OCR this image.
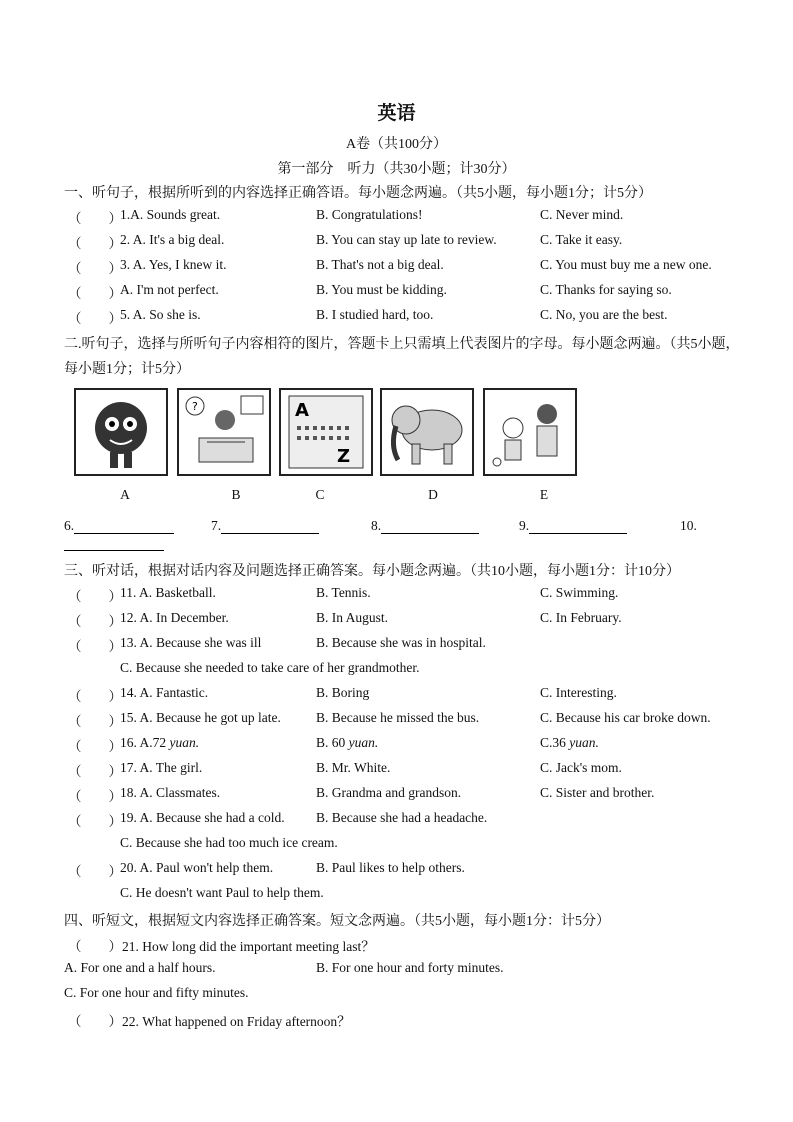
英语
A卷（共100分）
第一部分　听力（共30小题；计30分）
一、听句子，根据所听到的内容选择正确答语。每小题念两遍。（共5小题，每小题1分；计5分）
（　　）
1.A. Sounds great.	B. Congratulations!	C. Never mind.
（　　）
2. A. It's a big deal.	B. You can stay up late to review.	C. Take it easy.
（　　）
3. A. Yes, I knew it.	B. That's not a big deal.	C. You must buy me a new one.
（　　）
A. I'm not perfect.	B. You must be kidding.	C. Thanks for saying so.
（　　）
5. A. So she is.	B. I studied hard, too.	C. No, you are the best.
二.听句子，选择与所听句子内容相符的图片，答题卡上只需填上代表图片的字母。每小题念两遍。（共5小题，
每小题1分；计5分）
?	A
Z
A	B	C	D	E
6.	7.	8.	9.	10.
三、听对话，根据对话内容及问题选择正确答案。每小题念两遍。（共10小题，每小题1分：计10分）
（　　）
11. A. Basketball.	B. Tennis.	C. Swimming.
（　　）
12. A. In December.	B. In August.	C. In February.
（　　）
13. A. Because she was ill	B. Because she was in hospital.
C. Because she needed to take care of her grandmother.
（　　）
14. A. Fantastic.	B. Boring	C. Interesting.
（　　）
15. A. Because he got up late.	B. Because he missed the bus.	C. Because his car broke down.
（　　）
16. A.72 yuan.	B. 60 yuan.	C.36 yuan.
（　　）
17. A. The girl.	B. Mr. White.	C. Jack's mom.
（　　）
18. A. Classmates.	B. Grandma and grandson.	C. Sister and brother.
（　　）
19. A. Because she had a cold. B. Because she had a headache.
C. Because she had too much ice cream.
（　　）
20. A. Paul won't help them.	B. Paul likes to help others.
C. He doesn't want Paul to help them.
四、听短文，根据短文内容选择正确答案。短文念两遍。（共5小题，每小题1分：计5分）
（　　）21. How long did the important meeting last？
A. For one and a half hours.	B. For one hour and forty minutes.
C. For one hour and fifty minutes.
（　　）22. What happened on Friday afternoon？
